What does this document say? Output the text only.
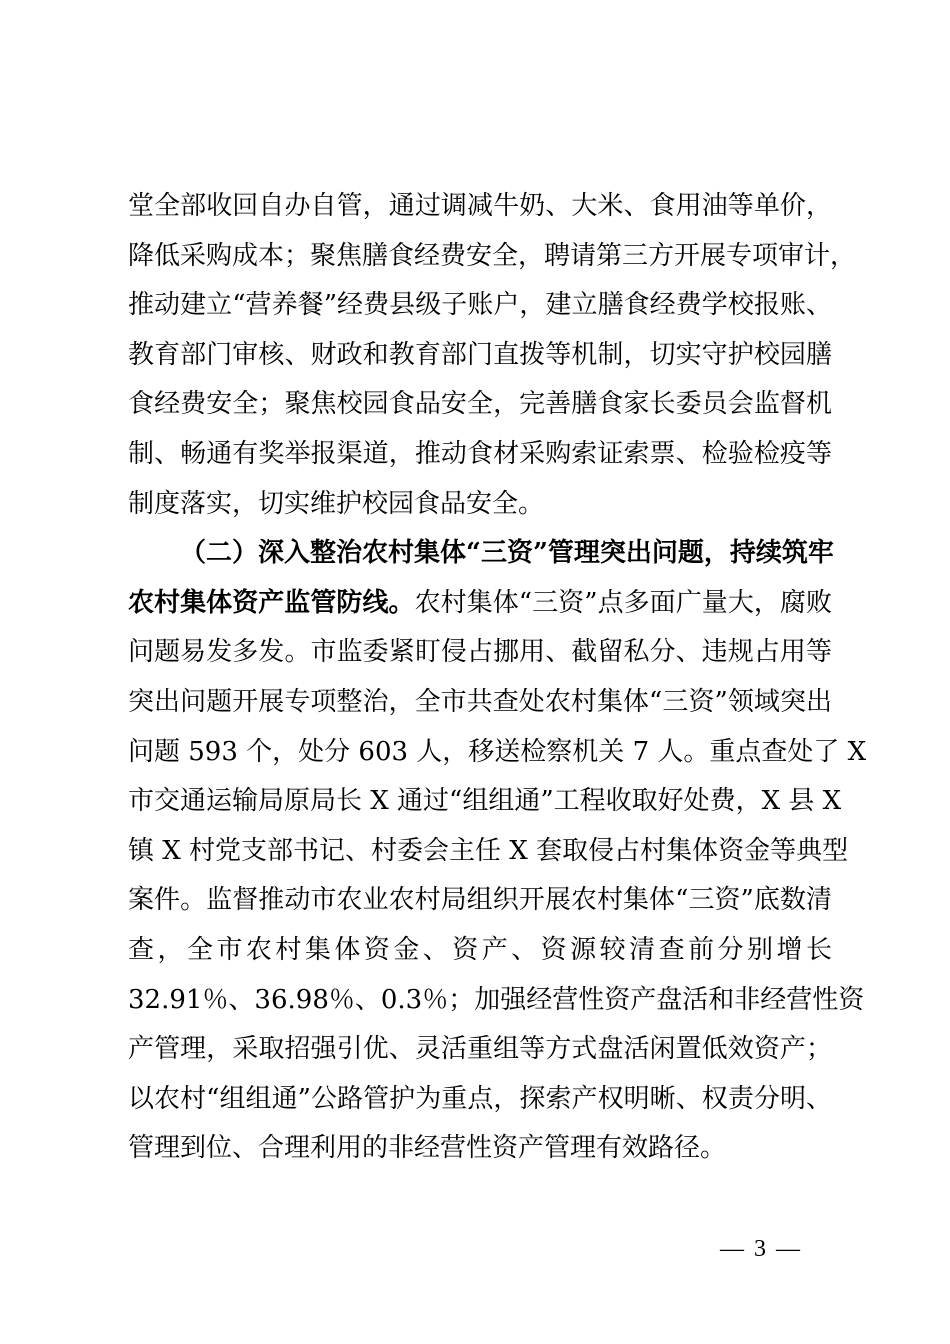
堂全部收回自办自管，通过调减牛奶、大米、食用油等单价，
降低采购成本；聚焦膳食经费安全，聘请第三方开展专项审计，
推动建立“营养餐”经费县级子账户，建立膳食经费学校报账、
教育部门审核、财政和教育部门直拨等机制，切实守护校园膳
食经费安全；聚焦校园食品安全，完善膳食家长委员会监督机
制、畅通有奖举报渠道，推动食材采购索证索票、检验检疫等
制度落实，切实维护校园食品安全。
（二）深入整治农村集体“三资”管理突出问题，持续筑牢
农村集体资产监管防线。农村集体“三资”点多面广量大，腐败
问题易发多发。市监委紧盯侵占挪用、截留私分、违规占用等
突出问题开展专项整治，全市共查处农村集体“三资”领域突出
问题 593 个，处分 603 人，移送检察机关 7 人。重点查处了 X
市交通运输局原局长 X 通过“组组通”工程收取好处费，X 县 X
镇 X 村党支部书记、村委会主任 X 套取侵占村集体资金等典型
案件。监督推动市农业农村局组织开展农村集体“三资”底数清
查，全市农村集体资金、资产、资源较清查前分别增长
32.91％、36.98％、0.3％；加强经营性资产盘活和非经营性资
产管理，采取招强引优、灵活重组等方式盘活闲置低效资产；
以农村“组组通”公路管护为重点，探索产权明晰、权责分明、
管理到位、合理利用的非经营性资产管理有效路径。
— 3 —
